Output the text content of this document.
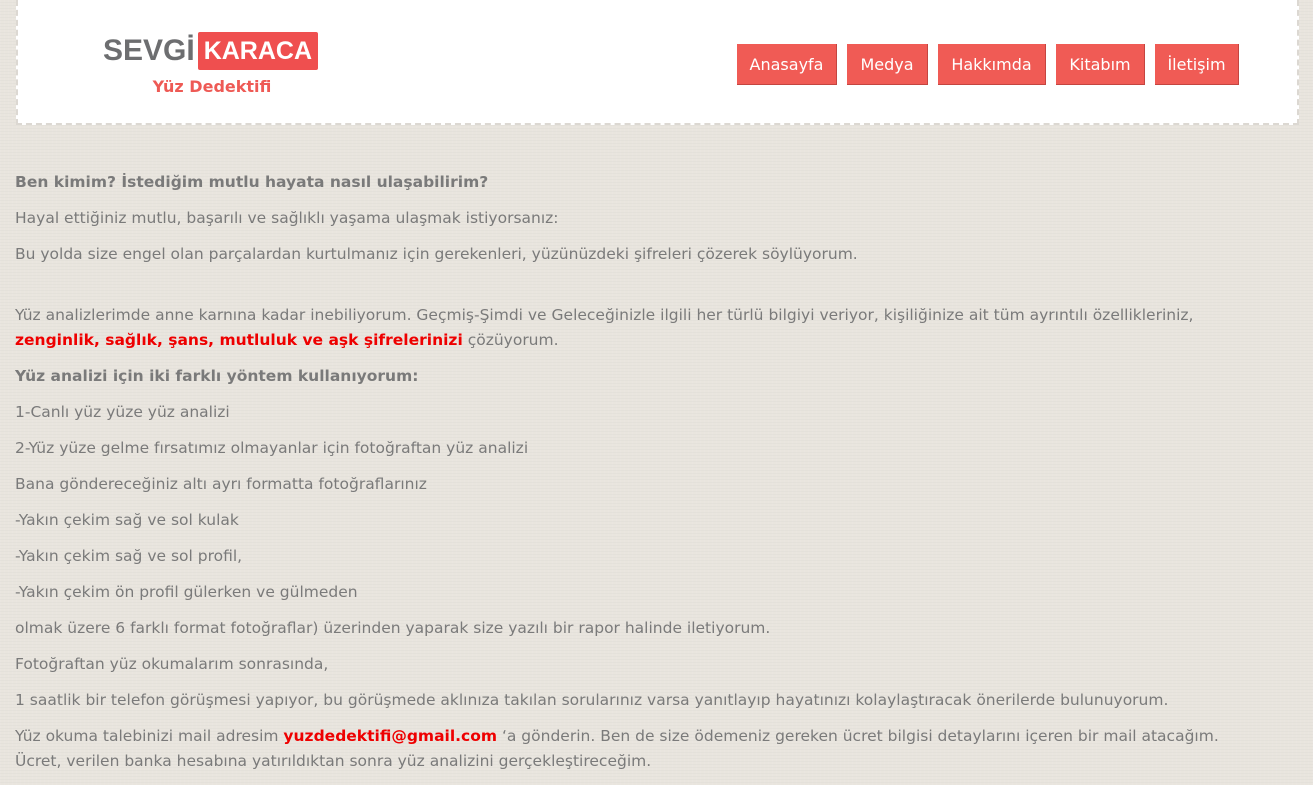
SEVGİ KARACA
Yüz Dedektifi
Anasayfa	Medya	Hakkımda	Kitabım	İletişim

Ben kimim? İstediğim mutlu hayata nasıl ulaşabilirim?

Hayal ettiğiniz mutlu, başarılı ve sağlıklı yaşama ulaşmak istiyorsanız:

Bu yolda size engel olan parçalardan kurtulmanız için gerekenleri, yüzünüzdeki şifreleri çözerek söylüyorum.

Yüz analizlerimde anne karnına kadar inebiliyorum. Geçmiş-Şimdi ve Geleceğinizle ilgili her türlü bilgiyi veriyor, kişiliğinize ait tüm ayrıntılı özellikleriniz,
zenginlik, sağlık, şans, mutluluk ve aşk şifrelerinizi çözüyorum.

Yüz analizi için iki farklı yöntem kullanıyorum:

1-Canlı yüz yüze yüz analizi

2-Yüz yüze gelme fırsatımız olmayanlar için fotoğraftan yüz analizi

Bana göndereceğiniz altı ayrı formatta fotoğraflarınız

-Yakın çekim sağ ve sol kulak

-Yakın çekim sağ ve sol profil,

-Yakın çekim ön profil gülerken ve gülmeden

olmak üzere 6 farklı format fotoğraflar) üzerinden yaparak size yazılı bir rapor halinde iletiyorum.

Fotoğraftan yüz okumalarım sonrasında,

1 saatlik bir telefon görüşmesi yapıyor, bu görüşmede aklınıza takılan sorularınız varsa yanıtlayıp hayatınızı kolaylaştıracak önerilerde bulunuyorum.

Yüz okuma talebinizi mail adresim yuzdedektifi@gmail.com ‘a gönderin. Ben de size ödemeniz gereken ücret bilgisi detaylarını içeren bir mail atacağım.

Ücret, verilen banka hesabına yatırıldıktan sonra yüz analizini gerçekleştireceğim.
